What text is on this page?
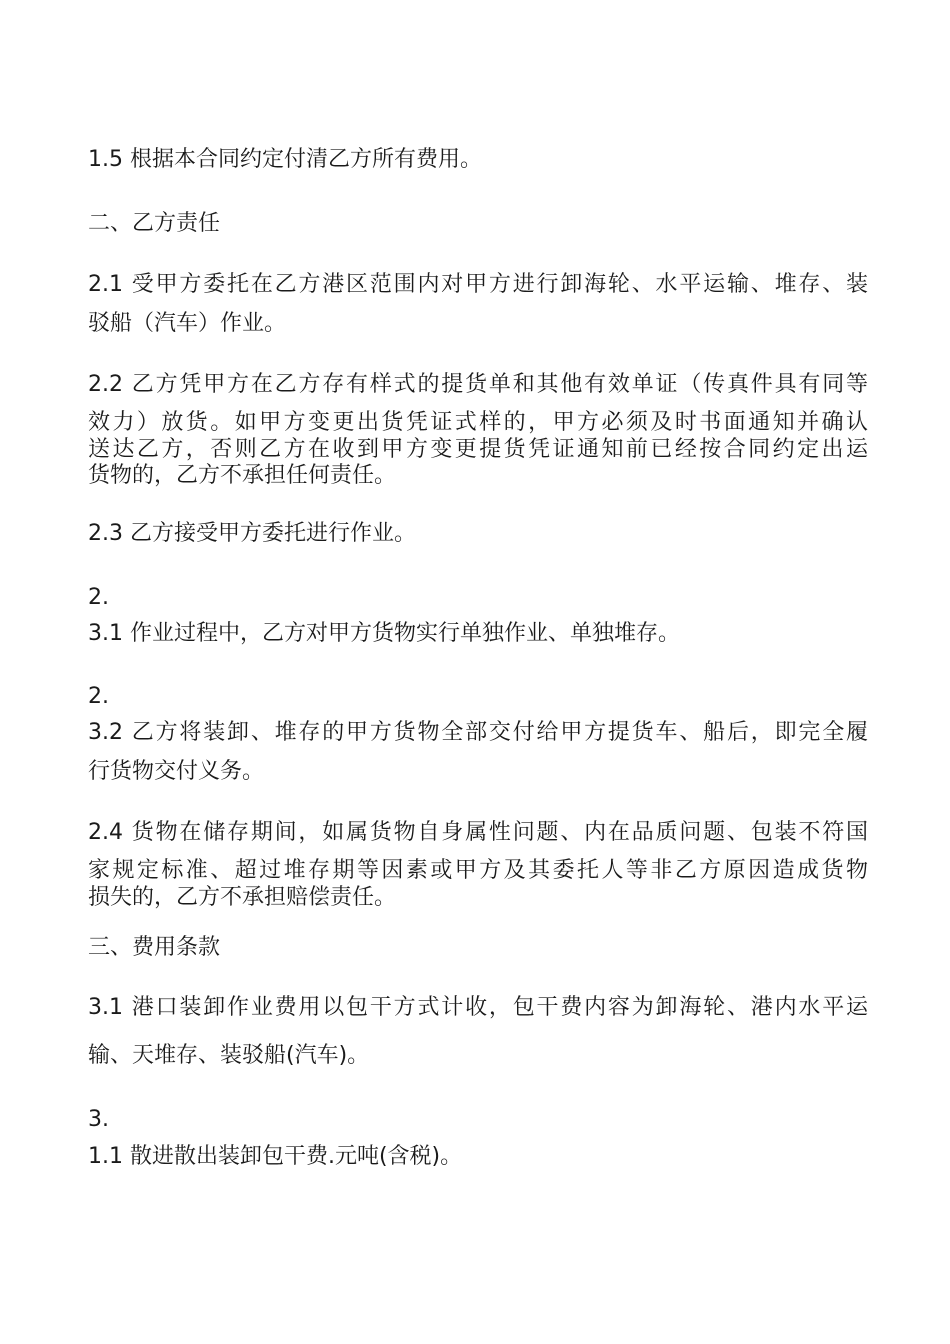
1.5 根据本合同约定付清乙方所有费用。
二、乙方责任
2.1 受甲方委托在乙方港区范围内对甲方进行卸海轮、水平运输、堆存、装
驳船（汽车）作业。
2.2 乙方凭甲方在乙方存有样式的提货单和其他有效单证（传真件具有同等
效力）放货。如甲方变更出货凭证式样的，甲方必须及时书面通知并确认
送达乙方，否则乙方在收到甲方变更提货凭证通知前已经按合同约定出运
货物的，乙方不承担任何责任。
2.3 乙方接受甲方委托进行作业。
2.
3.1 作业过程中，乙方对甲方货物实行单独作业、单独堆存。
2.
3.2 乙方将装卸、堆存的甲方货物全部交付给甲方提货车、船后，即完全履
行货物交付义务。
2.4 货物在储存期间，如属货物自身属性问题、内在品质问题、包装不符国
家规定标准、超过堆存期等因素或甲方及其委托人等非乙方原因造成货物
损失的，乙方不承担赔偿责任。
三、费用条款
3.1 港口装卸作业费用以包干方式计收，包干费内容为卸海轮、港内水平运
输、天堆存、装驳船(汽车)。
3.
1.1 散进散出装卸包干费.元吨(含税)。
